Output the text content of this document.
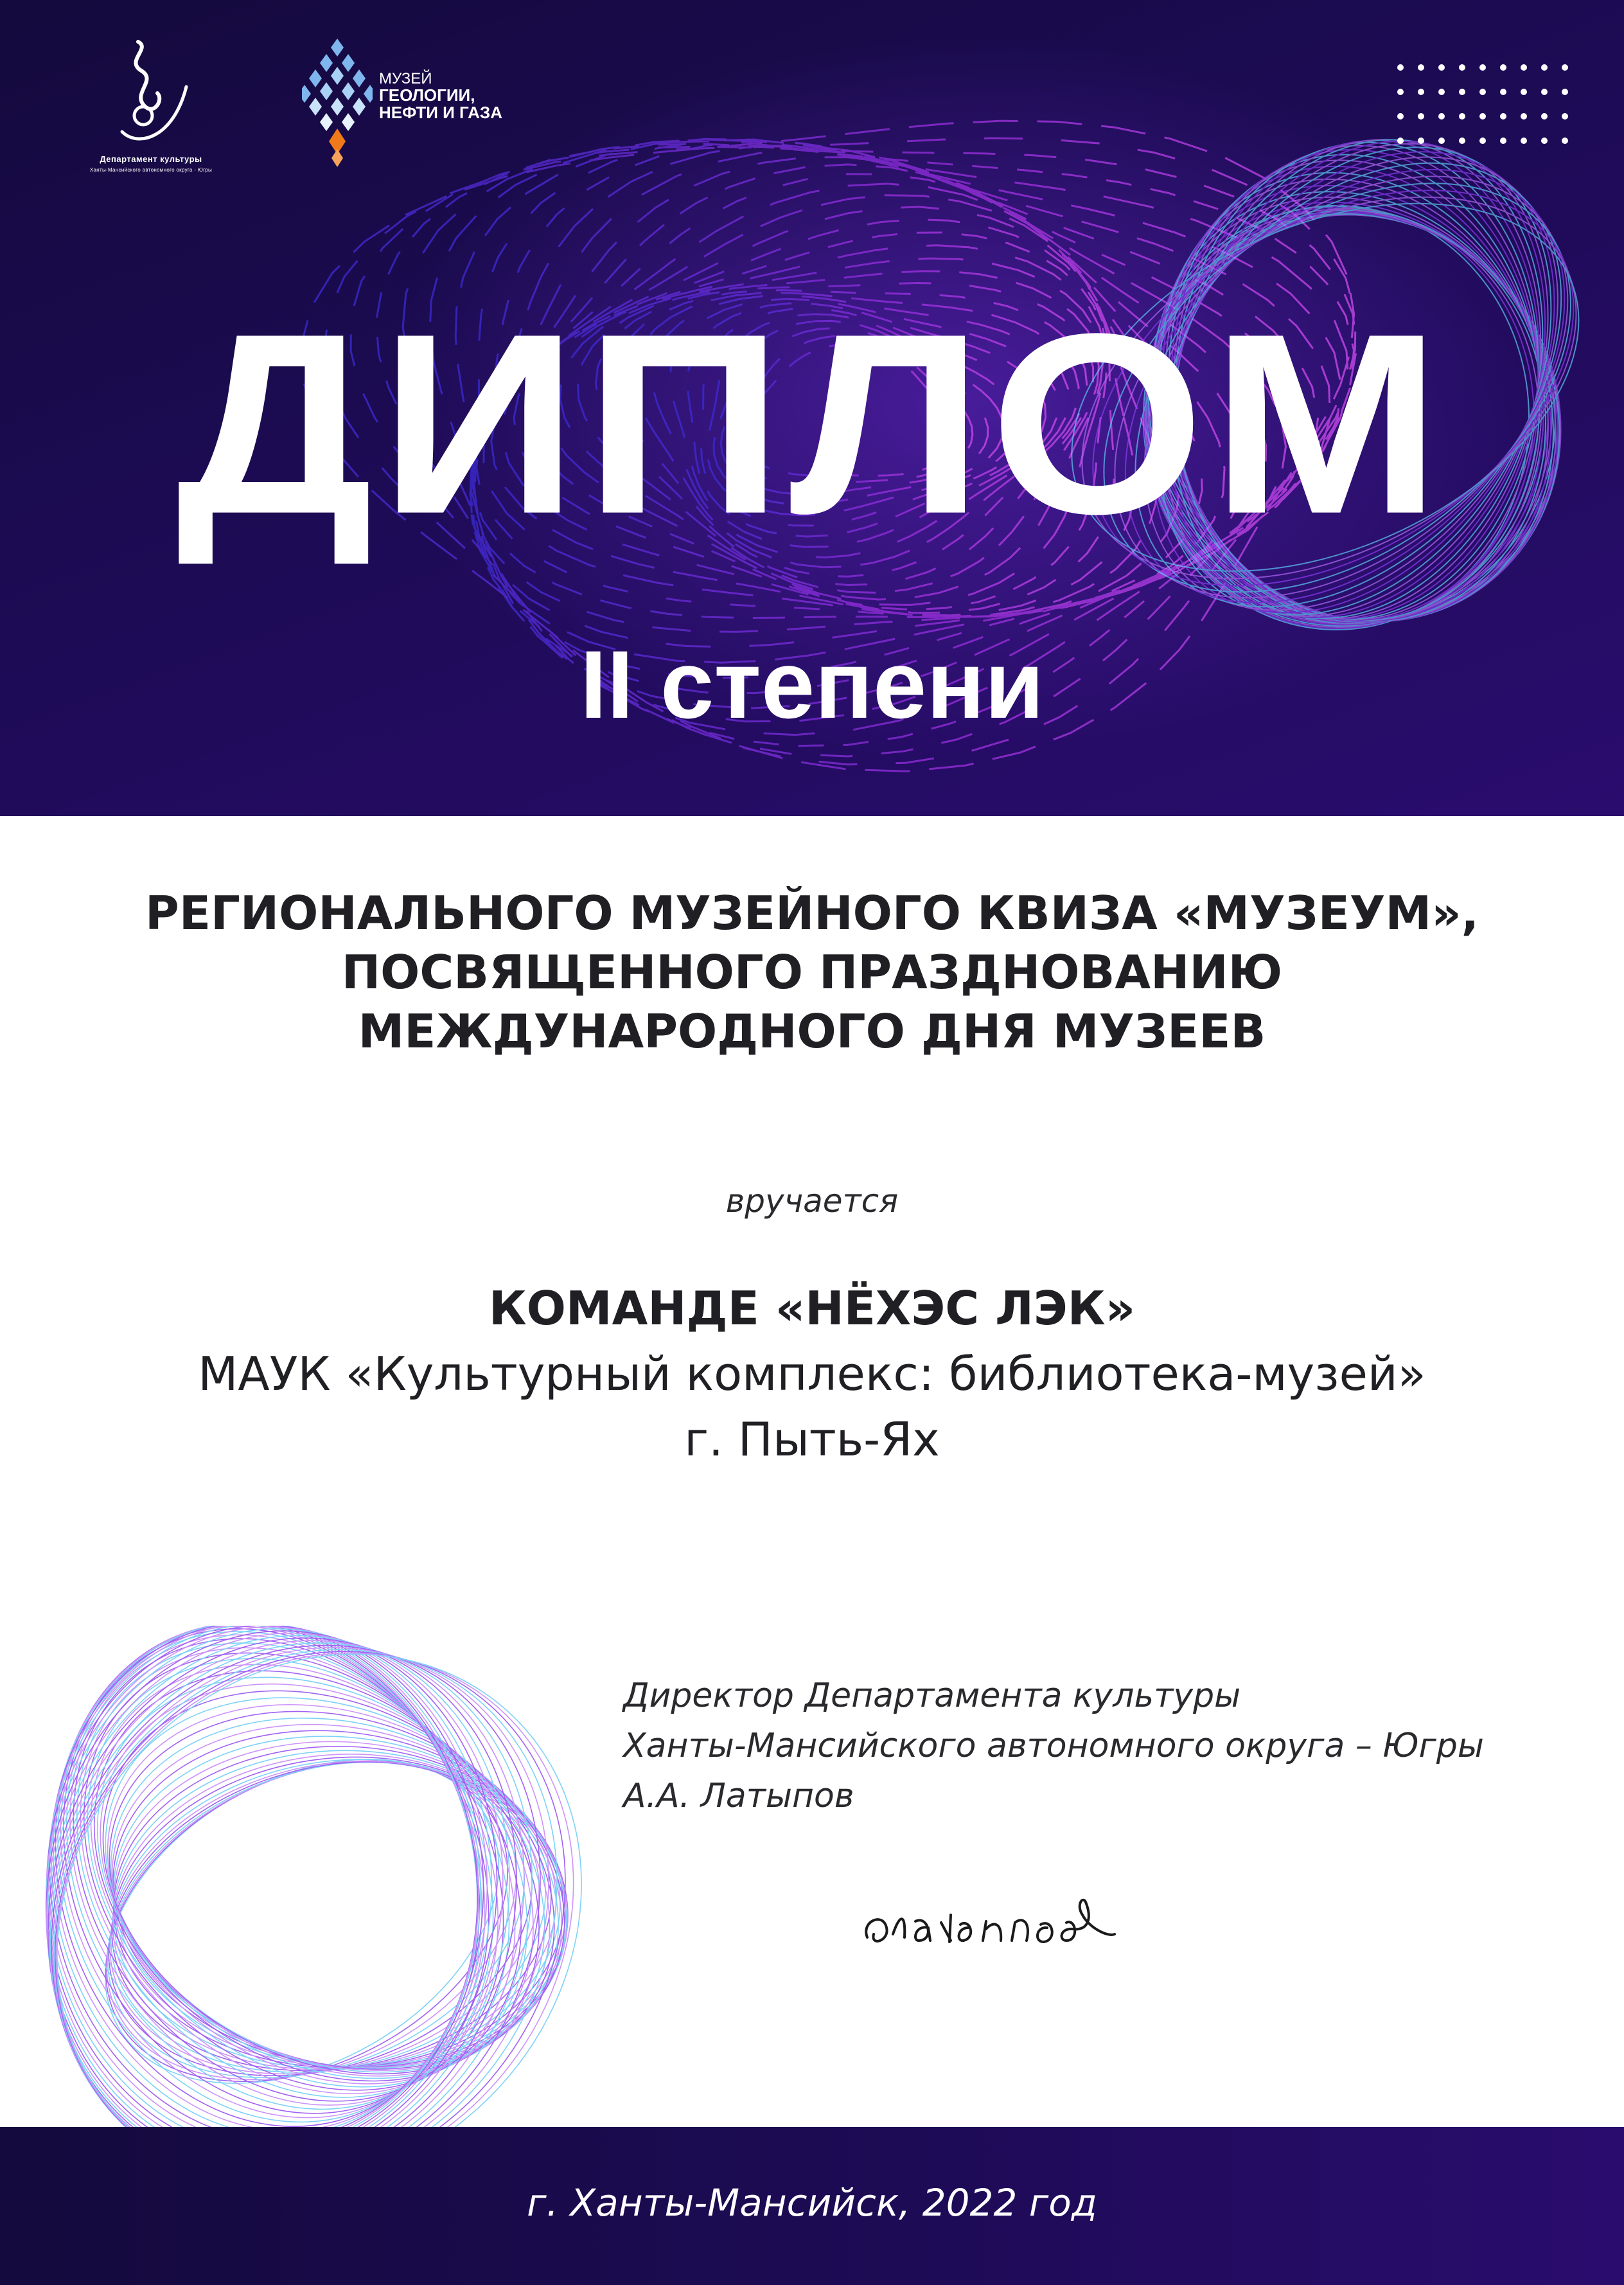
Департамент культуры
Ханты-Мансийского автономного округа - Югры
МУЗЕЙ
ГЕОЛОГИИ,
НЕФТИ И ГАЗА
ДИПЛОМ
II степени
РЕГИОНАЛЬНОГО МУЗЕЙНОГО КВИЗА «МУЗЕУМ»,
ПОСВЯЩЕННОГО ПРАЗДНОВАНИЮ
МЕЖДУНАРОДНОГО ДНЯ МУЗЕЕВ
вручается
КОМАНДЕ «НЁХЭС ЛЭК»
МАУК «Культурный комплекс: библиотека-музей»
г. Пыть-Ях
Директор Департамента культуры
Ханты-Мансийского автономного округа – Югры
А.А. Латыпов
г. Ханты-Мансийск, 2022 год
